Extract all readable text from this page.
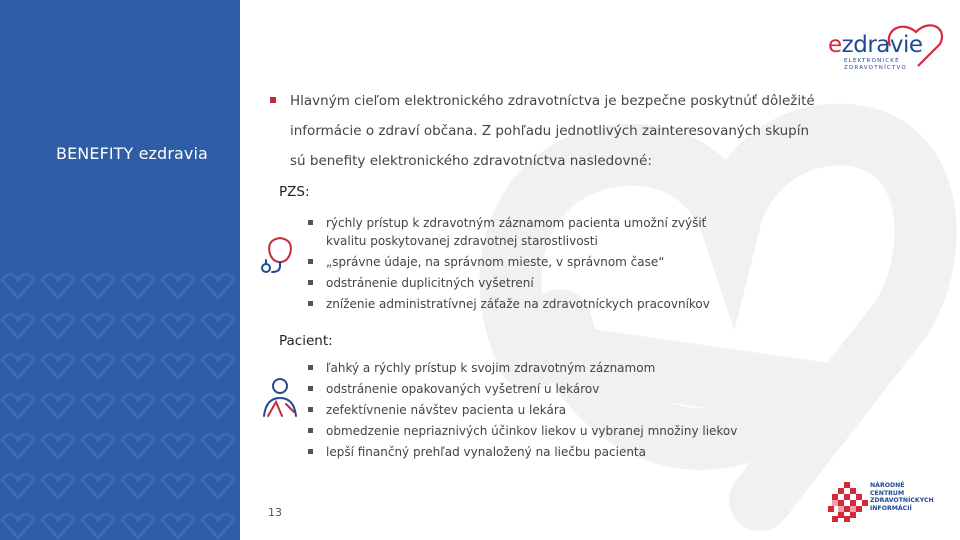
BENEFITY ezdravia
ezdravie
ELEKTRONICKÉ
ZDRAVOTNÍCTVO
Hlavným cieľom elektronického zdravotníctva je bezpečne poskytnúť dôležité
informácie o zdraví občana. Z pohľadu jednotlivých zainteresovaných skupín
sú benefity elektronického zdravotníctva nasledovné:
PZS:
rýchly prístup k zdravotným záznamom pacienta umožní zvýšiť kvalitu poskytovanej zdravotnej starostlivosti
„správne údaje, na správnom mieste, v správnom čase“
odstránenie duplicitných vyšetrení
zníženie administratívnej záťaže na zdravotníckych pracovníkov
Pacient:
ľahký a rýchly prístup k svojim zdravotným záznamom
odstránenie opakovaných vyšetrení u lekárov
zefektívnenie návštev pacienta u lekára
obmedzenie nepriaznivých účinkov liekov u vybranej množiny liekov
lepší finančný prehľad vynaložený na liečbu pacienta
13
NÁRODNÉ
CENTRUM
ZDRAVOTNÍCKYCH
INFORMÁCIÍ
